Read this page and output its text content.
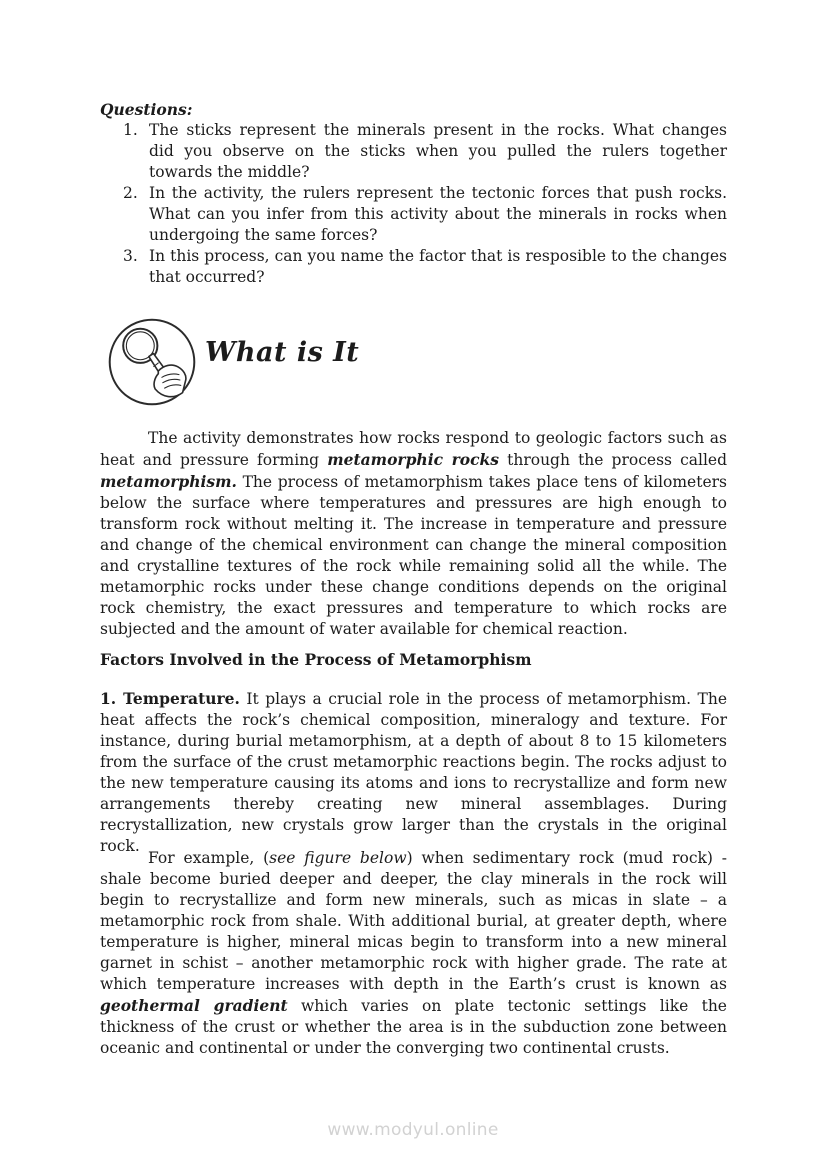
Questions:
1. The sticks represent the minerals present in the rocks. What changes did you observe on the sticks when you pulled the rulers together towards the middle?
2. In the activity, the rulers represent the tectonic forces that push rocks. What can you infer from this activity about the minerals in rocks when undergoing the same forces?
3. In this process, can you name the factor that is resposible to the changes that occurred?
What is It

The activity demonstrates how rocks respond to geologic factors such as heat and pressure forming metamorphic rocks through the process called metamorphism. The process of metamorphism takes place tens of kilometers below the surface where temperatures and pressures are high enough to transform rock without melting it. The increase in temperature and pressure and change of the chemical environment can change the mineral composition and crystalline textures of the rock while remaining solid all the while. The metamorphic rocks under these change conditions depends on the original rock chemistry, the exact pressures and temperature to which rocks are subjected and the amount of water available for chemical reaction.

Factors Involved in the Process of Metamorphism

1. Temperature. It plays a crucial role in the process of metamorphism. The heat affects the rock’s chemical composition, mineralogy and texture. For instance, during burial metamorphism, at a depth of about 8 to 15 kilometers from the surface of the crust metamorphic reactions begin. The rocks adjust to the new temperature causing its atoms and ions to recrystallize and form new arrangements thereby creating new mineral assemblages. During recrystallization, new crystals grow larger than the crystals in the original rock.

For example, (see figure below) when sedimentary rock (mud rock) - shale become buried deeper and deeper, the clay minerals in the rock will begin to recrystallize and form new minerals, such as micas in slate – a metamorphic rock from shale. With additional burial, at greater depth, where temperature is higher, mineral micas begin to transform into a new mineral garnet in schist – another metamorphic rock with higher grade. The rate at which temperature increases with depth in the Earth’s crust is known as geothermal gradient which varies on plate tectonic settings like the thickness of the crust or whether the area is in the subduction zone between oceanic and continental or under the converging two continental crusts.

www.modyul.online
